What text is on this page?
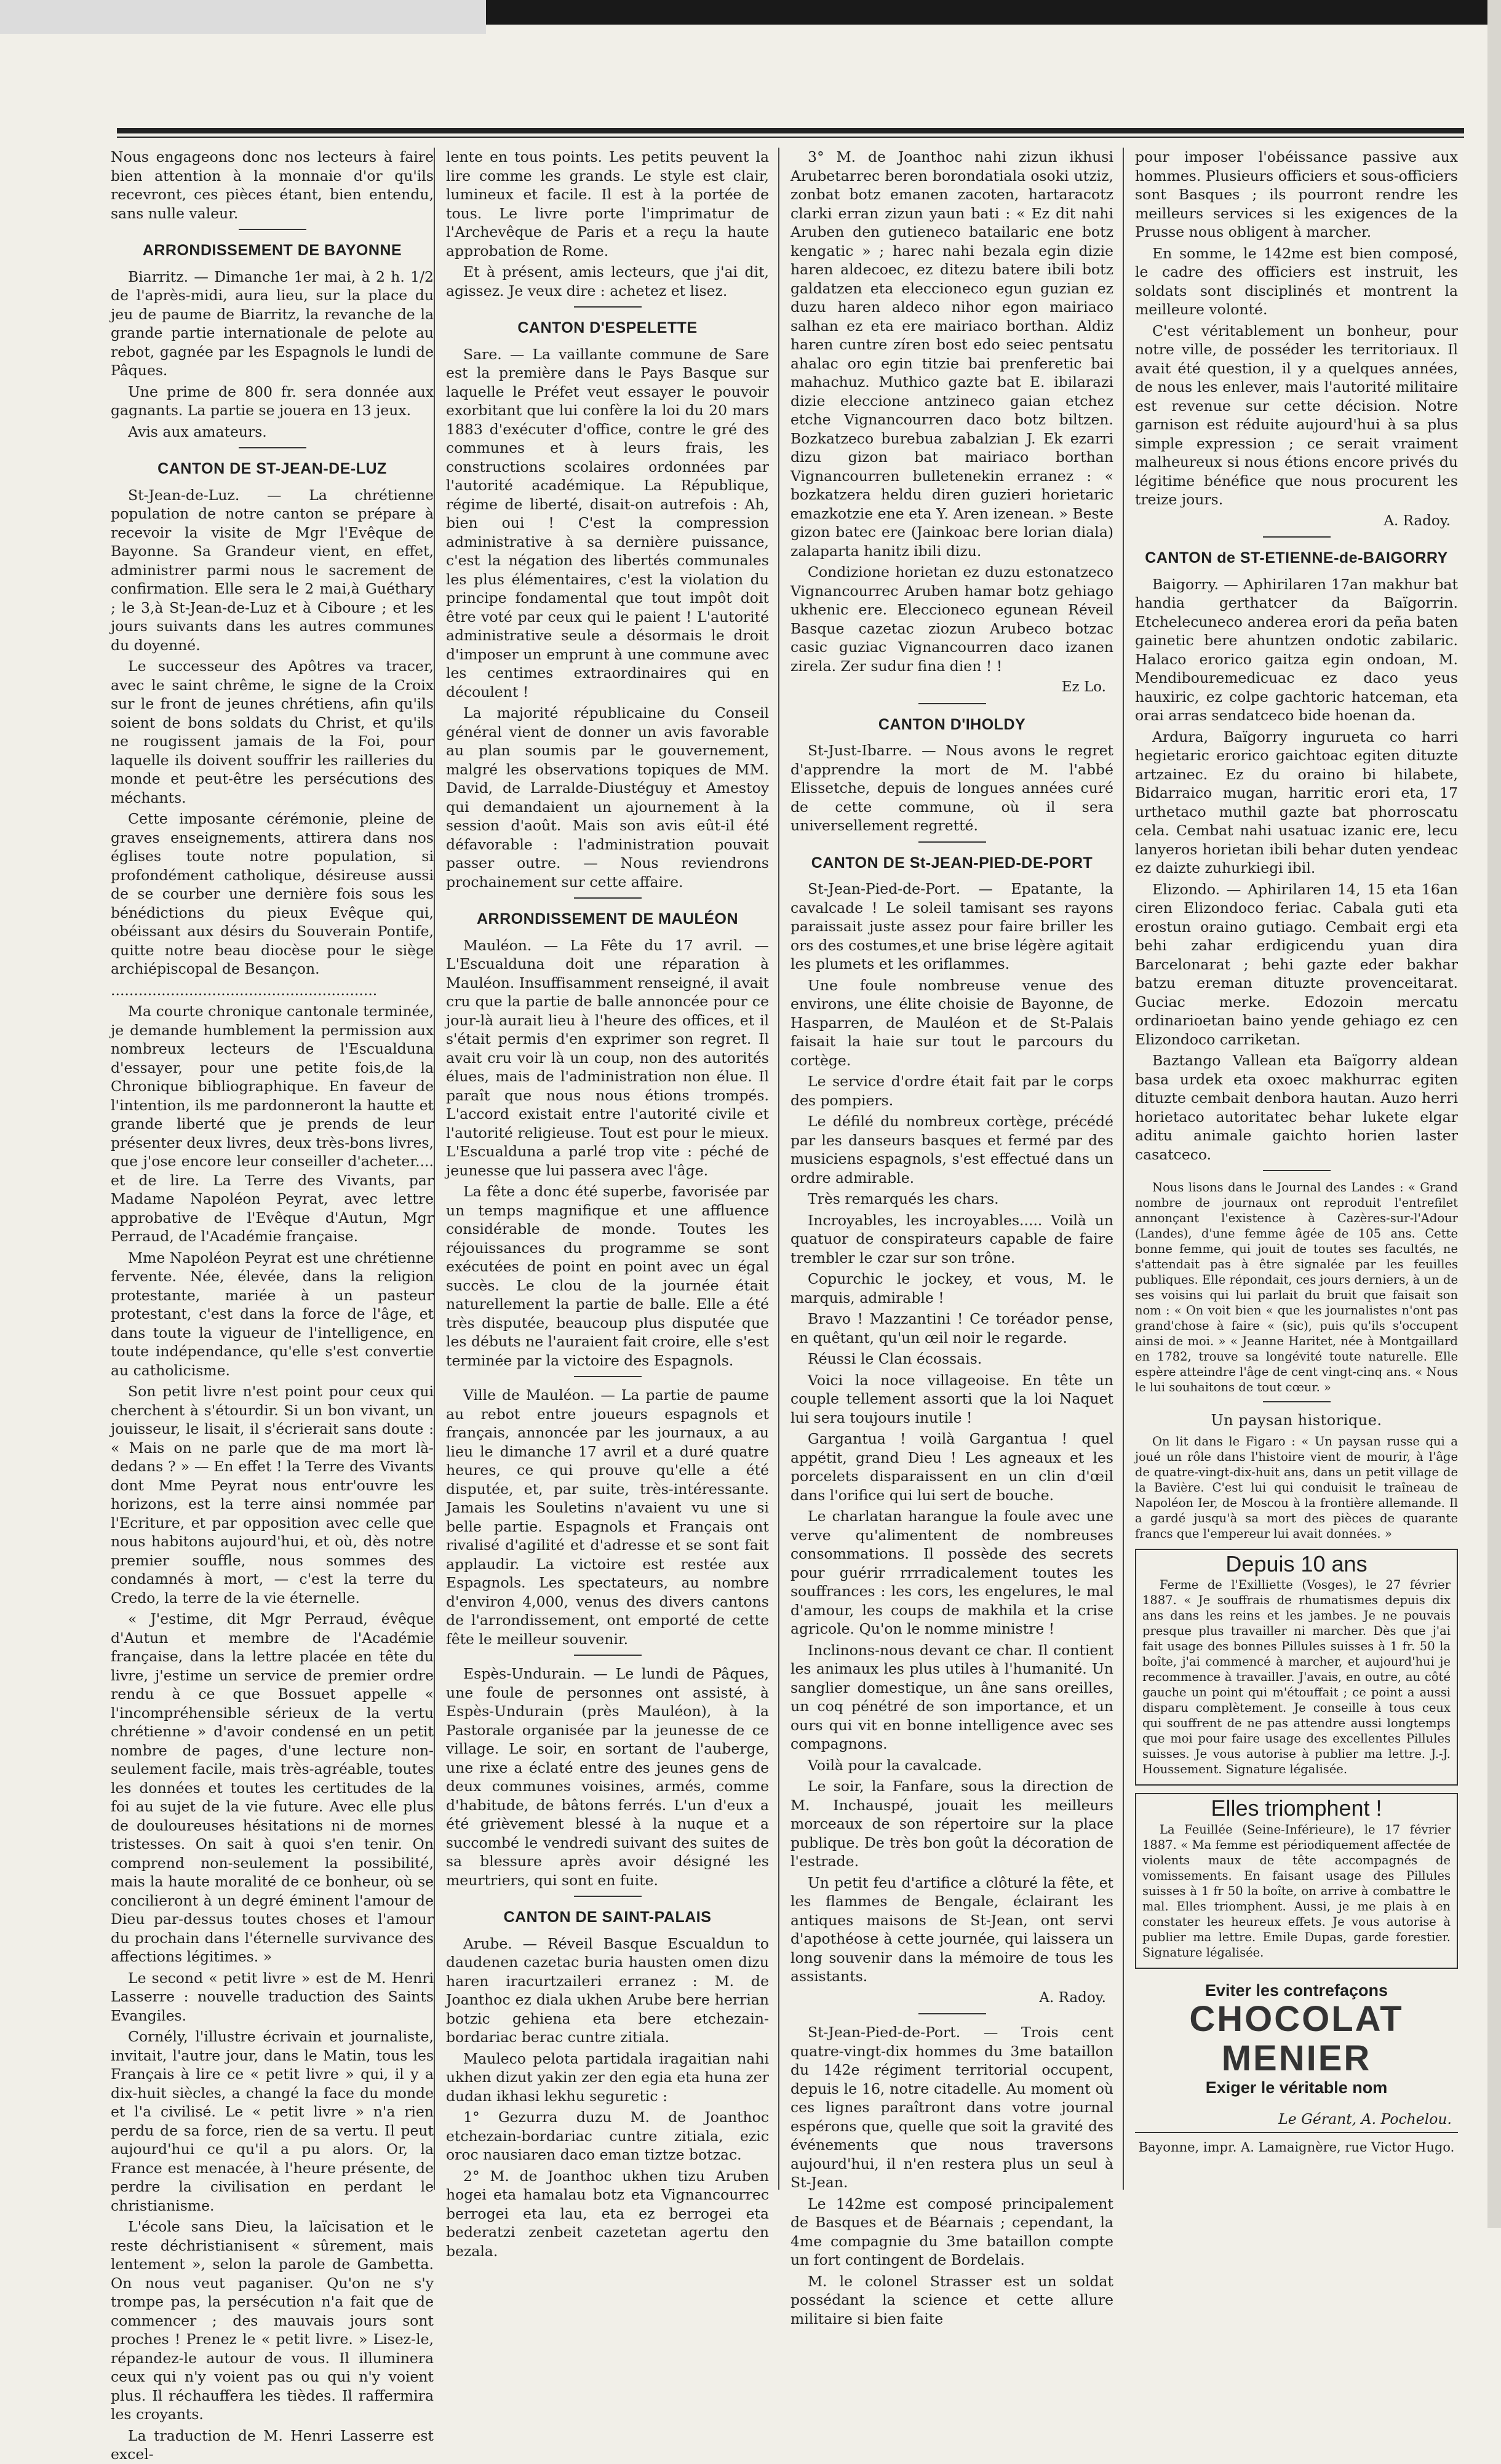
Nous engageons donc nos lecteurs à faire bien attention à la monnaie d'or qu'ils recevront, ces pièces étant, bien entendu, sans nulle valeur.

ARRONDISSEMENT DE BAYONNE

Biarritz. — Dimanche 1er mai, à 2 h. 1/2 de l'après-midi, aura lieu, sur la place du jeu de paume de Biarritz, la revanche de la grande partie internationale de pelote au rebot, gagnée par les Espagnols le lundi de Pâques.

Une prime de 800 fr. sera donnée aux gagnants. La partie se jouera en 13 jeux.

Avis aux amateurs.

CANTON DE ST-JEAN-DE-LUZ

St-Jean-de-Luz. — La chrétienne population de notre canton se prépare à recevoir la visite de Mgr l'Evêque de Bayonne. Sa Grandeur vient, en effet, administrer parmi nous le sacrement de confirmation. Elle sera le 2 mai,à Guéthary ; le 3,à St-Jean-de-Luz et à Ciboure ; et les jours suivants dans les autres communes du doyenné.

Le successeur des Apôtres va tracer, avec le saint chrême, le signe de la Croix sur le front de jeunes chrétiens, afin qu'ils soient de bons soldats du Christ, et qu'ils ne rougissent jamais de la Foi, pour laquelle ils doivent souffrir les railleries du monde et peut-être les persécutions des méchants.

Cette imposante cérémonie, pleine de graves enseignements, attirera dans nos églises toute notre population, si profondément catholique, désireuse aussi de se courber une dernière fois sous les bénédictions du pieux Evêque qui, obéissant aux désirs du Souverain Pontife, quitte notre beau diocèse pour le siège archiépiscopal de Besançon.

..........................................................

Ma courte chronique cantonale terminée, je demande humblement la permission aux nombreux lecteurs de l'Escualduna d'essayer, pour une petite fois,de la Chronique bibliographique. En faveur de l'intention, ils me pardonneront la hautte et grande liberté que je prends de leur présenter deux livres, deux très-bons livres, que j'ose encore leur conseiller d'acheter.... et de lire. La Terre des Vivants, par Madame Napoléon Peyrat, avec lettre approbative de l'Evêque d'Autun, Mgr Perraud, de l'Académie française.

Mme Napoléon Peyrat est une chrétienne fervente. Née, élevée, dans la religion protestante, mariée à un pasteur protestant, c'est dans la force de l'âge, et dans toute la vigueur de l'intelligence, en toute indépendance, qu'elle s'est convertie au catholicisme.

Son petit livre n'est point pour ceux qui cherchent à s'étourdir. Si un bon vivant, un jouisseur, le lisait, il s'écrierait sans doute : « Mais on ne parle que de ma mort là-dedans ? » — En effet ! la Terre des Vivants dont Mme Peyrat nous entr'ouvre les horizons, est la terre ainsi nommée par l'Ecriture, et par opposition avec celle que nous habitons aujourd'hui, et où, dès notre premier souffle, nous sommes des condamnés à mort, — c'est la terre du Credo, la terre de la vie éternelle.

« J'estime, dit Mgr Perraud, évêque d'Autun et membre de l'Académie française, dans la lettre placée en tête du livre, j'estime un service de premier ordre rendu à ce que Bossuet appelle « l'incompréhensible sérieux de la vertu chrétienne » d'avoir condensé en un petit nombre de pages, d'une lecture non-seulement facile, mais très-agréable, toutes les données et toutes les certitudes de la foi au sujet de la vie future. Avec elle plus de douloureuses hésitations ni de mornes tristesses. On sait à quoi s'en tenir. On comprend non-seulement la possibilité, mais la haute moralité de ce bonheur, où se concilieront à un degré éminent l'amour de Dieu par-dessus toutes choses et l'amour du prochain dans l'éternelle survivance des affections légitimes. »

Le second « petit livre » est de M. Henri Lasserre : nouvelle traduction des Saints Evangiles.

Cornély, l'illustre écrivain et journaliste, invitait, l'autre jour, dans le Matin, tous les Français à lire ce « petit livre » qui, il y a dix-huit siècles, a changé la face du monde et l'a civilisé. Le « petit livre » n'a rien perdu de sa force, rien de sa vertu. Il peut aujourd'hui ce qu'il a pu alors. Or, la France est menacée, à l'heure présente, de perdre la civilisation en perdant le christianisme.

L'école sans Dieu, la laïcisation et le reste déchristianisent « sûrement, mais lentement », selon la parole de Gambetta. On nous veut paganiser. Qu'on ne s'y trompe pas, la persécution n'a fait que de commencer ; des mauvais jours sont proches ! Prenez le « petit livre. » Lisez-le, répandez-le autour de vous. Il illuminera ceux qui n'y voient pas ou qui n'y voient plus. Il réchauffera les tièdes. Il raffermira les croyants.

La traduction de M. Henri Lasserre est excel-

lente en tous points. Les petits peuvent la lire comme les grands. Le style est clair, lumineux et facile. Il est à la portée de tous. Le livre porte l'imprimatur de l'Archevêque de Paris et a reçu la haute approbation de Rome.

Et à présent, amis lecteurs, que j'ai dit, agissez. Je veux dire : achetez et lisez.

CANTON D'ESPELETTE

Sare. — La vaillante commune de Sare est la première dans le Pays Basque sur laquelle le Préfet veut essayer le pouvoir exorbitant que lui confère la loi du 20 mars 1883 d'exécuter d'office, contre le gré des communes et à leurs frais, les constructions scolaires ordonnées par l'autorité académique. La République, régime de liberté, disait-on autrefois : Ah, bien oui ! C'est la compression administrative à sa dernière puissance, c'est la négation des libertés communales les plus élémentaires, c'est la violation du principe fondamental que tout impôt doit être voté par ceux qui le paient ! L'autorité administrative seule a désormais le droit d'imposer un emprunt à une commune avec les centimes extraordinaires qui en découlent !

La majorité républicaine du Conseil général vient de donner un avis favorable au plan soumis par le gouvernement, malgré les observations topiques de MM. David, de Larralde-Diustéguy et Amestoy qui demandaient un ajournement à la session d'août. Mais son avis eût-il été défavorable : l'administration pouvait passer outre. — Nous reviendrons prochainement sur cette affaire.

ARRONDISSEMENT DE MAULÉON

Mauléon. — La Fête du 17 avril. — L'Escualduna doit une réparation à Mauléon. Insuffisamment renseigné, il avait cru que la partie de balle annoncée pour ce jour-là aurait lieu à l'heure des offices, et il s'était permis d'en exprimer son regret. Il avait cru voir là un coup, non des autorités élues, mais de l'administration non élue. Il paraît que nous nous étions trompés. L'accord existait entre l'autorité civile et l'autorité religieuse. Tout est pour le mieux. L'Escualduna a parlé trop vite : péché de jeunesse que lui passera avec l'âge.

La fête a donc été superbe, favorisée par un temps magnifique et une affluence considérable de monde. Toutes les réjouissances du programme se sont exécutées de point en point avec un égal succès. Le clou de la journée était naturellement la partie de balle. Elle a été très disputée, beaucoup plus disputée que les débuts ne l'auraient fait croire, elle s'est terminée par la victoire des Espagnols.

Ville de Mauléon. — La partie de paume au rebot entre joueurs espagnols et français, annoncée par les journaux, a au lieu le dimanche 17 avril et a duré quatre heures, ce qui prouve qu'elle a été disputée, et, par suite, très-intéressante. Jamais les Souletins n'avaient vu une si belle partie. Espagnols et Français ont rivalisé d'agilité et d'adresse et se sont fait applaudir. La victoire est restée aux Espagnols. Les spectateurs, au nombre d'environ 4,000, venus des divers cantons de l'arrondissement, ont emporté de cette fête le meilleur souvenir.

Espès-Undurain. — Le lundi de Pâques, une foule de personnes ont assisté, à Espès-Undurain (près Mauléon), à la Pastorale organisée par la jeunesse de ce village. Le soir, en sortant de l'auberge, une rixe a éclaté entre des jeunes gens de deux communes voisines, armés, comme d'habitude, de bâtons ferrés. L'un d'eux a été grièvement blessé à la nuque et a succombé le vendredi suivant des suites de sa blessure après avoir désigné les meurtriers, qui sont en fuite.

CANTON DE SAINT-PALAIS

Arube. — Réveil Basque Escualdun to daudenen cazetac buria hausten omen dizu haren iracurtzaileri erranez : M. de Joanthoc ez diala ukhen Arube bere herrian botzic gehiena eta bere etchezain-bordariac berac cuntre zitiala.

Mauleco pelota partidala iragaitian nahi ukhen dizut yakin zer den egia eta huna zer dudan ikhasi lekhu seguretic :

1° Gezurra duzu M. de Joanthoc etchezain-bordariac cuntre zitiala, ezic oroc nausiaren daco eman tiztze botzac.

2° M. de Joanthoc ukhen tizu Aruben hogei eta hamalau botz eta Vignancourrec berrogei eta lau, eta ez berrogei eta bederatzi zenbeit cazetetan agertu den bezala.

3° M. de Joanthoc nahi zizun ikhusi Arubetarrec beren borondatiala osoki utziz, zonbat botz emanen zacoten, hartaracotz clarki erran zizun yaun bati : « Ez dit nahi Aruben den gutieneco batailaric ene botz kengatic » ; harec nahi bezala egin dizie haren aldecoec, ez ditezu batere ibili botz galdatzen eta eleccioneco egun guzian ez duzu haren aldeco nihor egon mairiaco salhan ez eta ere mairiaco borthan. Aldiz haren cuntre zíren bost edo seiec pentsatu ahalac oro egin titzie bai prenferetic bai mahachuz. Muthico gazte bat E. ibilarazi dizie eleccione antzineco gaian etchez etche Vignancourren daco botz biltzen. Bozkatzeco burebua zabalzian J. Ek ezarri dizu gizon bat mairiaco borthan Vignancourren bulletenekin erranez : « bozkatzera heldu diren guzieri horietaric emazkotzie ene eta Y. Aren izenean. » Beste gizon batec ere (Jainkoac bere lorian diala) zalaparta hanitz ibili dizu.

Condizione horietan ez duzu estonatzeco Vignancourrec Aruben hamar botz gehiago ukhenic ere. Eleccioneco egunean Réveil Basque cazetac ziozun Arubeco botzac casic guziac Vignancourren daco izanen zirela. Zer sudur fina dien ! !

Ez Lo.
CANTON D'IHOLDY

St-Just-Ibarre. — Nous avons le regret d'apprendre la mort de M. l'abbé Elissetche, depuis de longues années curé de cette commune, où il sera universellement regretté.

CANTON DE St-JEAN-PIED-DE-PORT

St-Jean-Pied-de-Port. — Epatante, la cavalcade ! Le soleil tamisant ses rayons paraissait juste assez pour faire briller les ors des costumes,et une brise légère agitait les plumets et les oriflammes.

Une foule nombreuse venue des environs, une élite choisie de Bayonne, de Hasparren, de Mauléon et de St-Palais faisait la haie sur tout le parcours du cortège.

Le service d'ordre était fait par le corps des pompiers.

Le défilé du nombreux cortège, précédé par les danseurs basques et fermé par des musiciens espagnols, s'est effectué dans un ordre admirable.

Très remarqués les chars.

Incroyables, les incroyables..... Voilà un quatuor de conspirateurs capable de faire trembler le czar sur son trône.

Copurchic le jockey, et vous, M. le marquis, admirable !

Bravo ! Mazzantini ! Ce toréador pense, en quêtant, qu'un œil noir le regarde.

Réussi le Clan écossais.

Voici la noce villageoise. En tête un couple tellement assorti que la loi Naquet lui sera toujours inutile !

Gargantua ! voilà Gargantua ! quel appétit, grand Dieu ! Les agneaux et les porcelets disparaissent en un clin d'œil dans l'orifice qui lui sert de bouche.

Le charlatan harangue la foule avec une verve qu'alimentent de nombreuses consommations. Il possède des secrets pour guérir rrrradicalement toutes les souffrances : les cors, les engelures, le mal d'amour, les coups de makhila et la crise agricole. Qu'on le nomme ministre !

Inclinons-nous devant ce char. Il contient les animaux les plus utiles à l'humanité. Un sanglier domestique, un âne sans oreilles, un coq pénétré de son importance, et un ours qui vit en bonne intelligence avec ses compagnons.

Voilà pour la cavalcade.

Le soir, la Fanfare, sous la direction de M. Inchauspé, jouait les meilleurs morceaux de son répertoire sur la place publique. De très bon goût la décoration de l'estrade.

Un petit feu d'artifice a clôturé la fête, et les flammes de Bengale, éclairant les antiques maisons de St-Jean, ont servi d'apothéose à cette journée, qui laissera un long souvenir dans la mémoire de tous les assistants.

A. Radoy.

St-Jean-Pied-de-Port. — Trois cent quatre-vingt-dix hommes du 3me bataillon du 142e régiment territorial occupent, depuis le 16, notre citadelle. Au moment où ces lignes paraîtront dans votre journal espérons que, quelle que soit la gravité des événements que nous traversons aujourd'hui, il n'en restera plus un seul à St-Jean.

Le 142me est composé principalement de Basques et de Béarnais ; cependant, la 4me compagnie du 3me bataillon compte un fort contingent de Bordelais.

M. le colonel Strasser est un soldat possédant la science et cette allure militaire si bien faite

pour imposer l'obéissance passive aux hommes. Plusieurs officiers et sous-officiers sont Basques ; ils pourront rendre les meilleurs services si les exigences de la Prusse nous obligent à marcher.

En somme, le 142me est bien composé, le cadre des officiers est instruit, les soldats sont disciplinés et montrent la meilleure volonté.

C'est véritablement un bonheur, pour notre ville, de posséder les territoriaux. Il avait été question, il y a quelques années, de nous les enlever, mais l'autorité militaire est revenue sur cette décision. Notre garnison est réduite aujourd'hui à sa plus simple expression ; ce serait vraiment malheureux si nous étions encore privés du légitime bénéfice que nous procurent les treize jours.

A. Radoy.
CANTON de ST-ETIENNE-de-BAIGORRY

Baigorry. — Aphirilaren 17an makhur bat handia gerthatcer da Baïgorrin. Etchelecuneco anderea erori da peña baten gainetic bere ahuntzen ondotic zabilaric. Halaco erorico gaitza egin ondoan, M. Mendibouremedicuac ez daco yeus hauxiric, ez colpe gachtoric hatceman, eta orai arras sendatceco bide hoenan da.

Ardura, Baïgorry ingurueta co harri hegietaric erorico gaichtoac egiten dituzte artzainec. Ez du oraino bi hilabete, Bidarraico mugan, harritic erori eta, 17 urthetaco muthil gazte bat phorroscatu cela. Cembat nahi usatuac izanic ere, lecu lanyeros horietan ibili behar duten yendeac ez daizte zuhurkiegi ibil.

Elizondo. — Aphirilaren 14, 15 eta 16an ciren Elizondoco feriac. Cabala guti eta erostun oraino gutiago. Cembait ergi eta behi zahar erdigicendu yuan dira Barcelonarat ; behi gazte eder bakhar batzu ereman dituzte provenceitarat. Guciac merke. Edozoin mercatu ordinarioetan baino yende gehiago ez cen Elizondoco carriketan.

Baztango Vallean eta Baïgorry aldean basa urdek eta oxoec makhurrac egiten dituzte cembait denbora hautan. Auzo herri horietaco autoritatec behar lukete elgar aditu animale gaichto horien laster casatceco.

Nous lisons dans le Journal des Landes : « Grand nombre de journaux ont reproduit l'entrefilet annonçant l'existence à Cazères-sur-l'Adour (Landes), d'une femme âgée de 105 ans. Cette bonne femme, qui jouit de toutes ses facultés, ne s'attendait pas à être signalée par les feuilles publiques. Elle répondait, ces jours derniers, à un de ses voisins qui lui parlait du bruit que faisait son nom : « On voit bien « que les journalistes n'ont pas grand'chose à faire « (sic), puis qu'ils s'occupent ainsi de moi. » « Jeanne Haritet, née à Montgaillard en 1782, trouve sa longévité toute naturelle. Elle espère atteindre l'âge de cent vingt-cinq ans. « Nous le lui souhaitons de tout cœur. »

Un paysan historique.

On lit dans le Figaro : « Un paysan russe qui a joué un rôle dans l'histoire vient de mourir, à l'âge de quatre-vingt-dix-huit ans, dans un petit village de la Bavière. C'est lui qui conduisit le traîneau de Napoléon Ier, de Moscou à la frontière allemande. Il a gardé jusqu'à sa mort des pièces de quarante francs que l'empereur lui avait données. »

Depuis 10 ans

Ferme de l'Exilliette (Vosges), le 27 février 1887. « Je souffrais de rhumatismes depuis dix ans dans les reins et les jambes. Je ne pouvais presque plus travailler ni marcher. Dès que j'ai fait usage des bonnes Pillules suisses à 1 fr. 50 la boîte, j'ai commencé à marcher, et aujourd'hui je recommence à travailler. J'avais, en outre, au côté gauche un point qui m'étouffait ; ce point a aussi disparu complètement. Je conseille à tous ceux qui souffrent de ne pas attendre aussi longtemps que moi pour faire usage des excellentes Pillules suisses. Je vous autorise à publier ma lettre. J.-J. Houssement. Signature légalisée.

Elles triomphent !

La Feuillée (Seine-Inférieure), le 17 février 1887. « Ma femme est périodiquement affectée de violents maux de tête accompagnés de vomissements. En faisant usage des Pillules suisses à 1 fr 50 la boîte, on arrive à combattre le mal. Elles triomphent. Aussi, je me plais à en constater les heureux effets. Je vous autorise à publier ma lettre. Emile Dupas, garde forestier. Signature légalisée.

Eviter les contrefaçons
CHOCOLAT
MENIER
Exiger le véritable nom
Le Gérant, A. Pochelou.
Bayonne, impr. A. Lamaignère, rue Victor Hugo.
